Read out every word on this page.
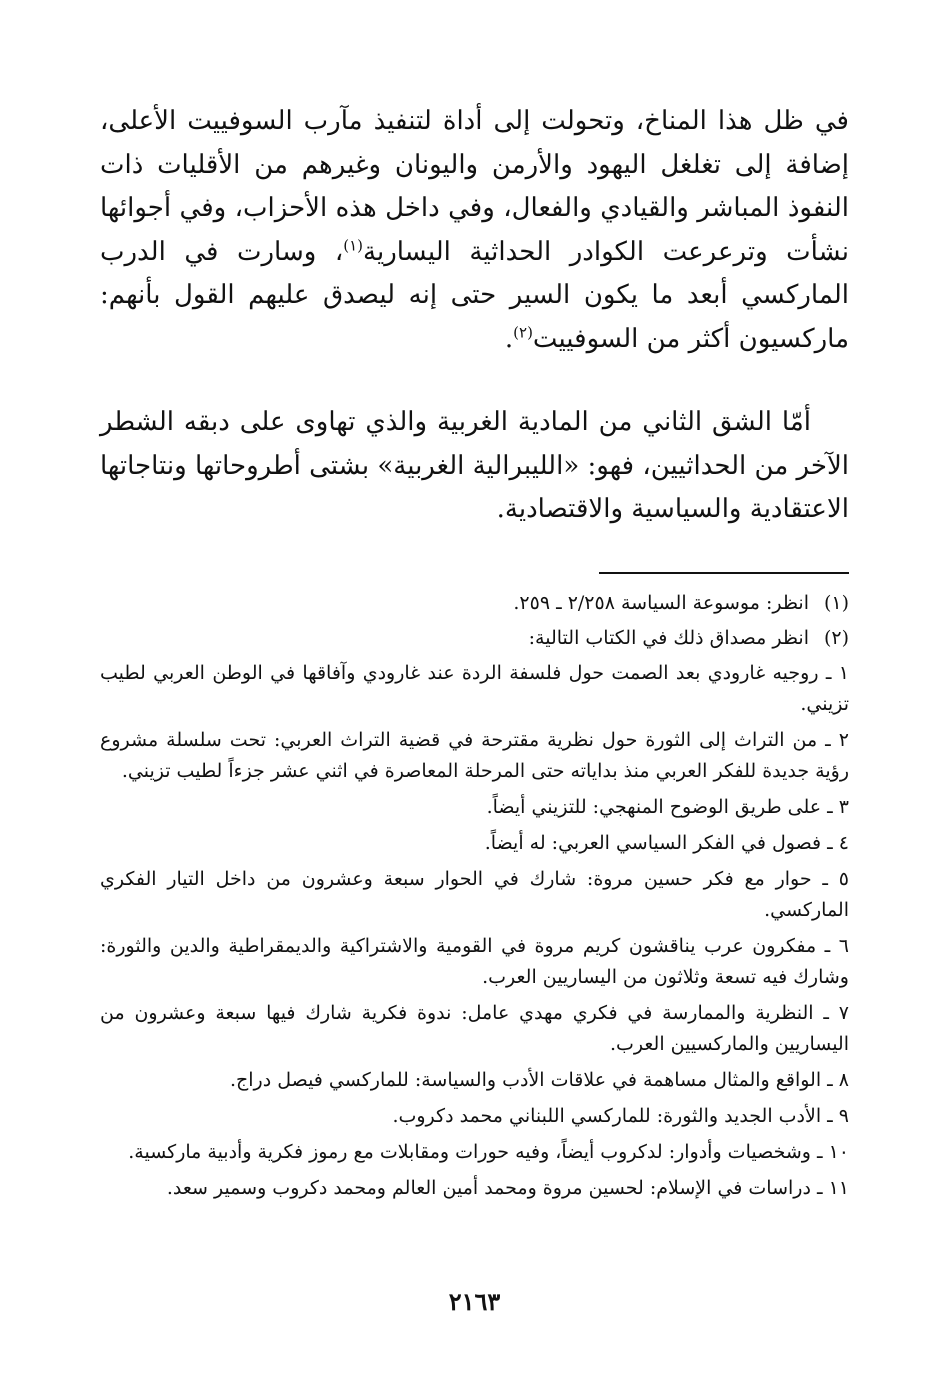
في ظل هذا المناخ، وتحولت إلى أداة لتنفيذ مآرب السوفييت الأعلى، إضافة إلى تغلغل اليهود والأرمن واليونان وغيرهم من الأقليات ذات النفوذ المباشر والقيادي والفعال، وفي داخل هذه الأحزاب، وفي أجوائها نشأت وترعرعت الكوادر الحداثية اليسارية$^{(١)}$، وسارت في الدرب الماركسي أبعد ما يكون السير حتى إنه ليصدق عليهم القول بأنهم: ماركسيون أكثر من السوفييت$^{(٢)}$.

أمّا الشق الثاني من المادية الغربية والذي تهاوى على دبقه الشطر الآخر من الحداثيين، فهو: «الليبرالية الغربية» بشتى أطروحاتها ونتاجاتها الاعتقادية والسياسية والاقتصادية.

(١)انظر: موسوعة السياسة ٢/٢٥٨ ـ ٢٥٩.

(٢)انظر مصداق ذلك في الكتاب التالية:

١ ـ روجيه غارودي بعد الصمت حول فلسفة الردة عند غارودي وآفاقها في الوطن العربي لطيب تزيني.

٢ ـ من التراث إلى الثورة حول نظرية مقترحة في قضية التراث العربي: تحت سلسلة مشروع رؤية جديدة للفكر العربي منذ بداياته حتى المرحلة المعاصرة في اثني عشر جزءاً لطيب تزيني.

٣ ـ على طريق الوضوح المنهجي: للتزيني أيضاً.

٤ ـ فصول في الفكر السياسي العربي: له أيضاً.

٥ ـ حوار مع فكر حسين مروة: شارك في الحوار سبعة وعشرون من داخل التيار الفكري الماركسي.

٦ ـ مفكرون عرب يناقشون كريم مروة في القومية والاشتراكية والديمقراطية والدين والثورة: وشارك فيه تسعة وثلاثون من اليساريين العرب.

٧ ـ النظرية والممارسة في فكري مهدي عامل: ندوة فكرية شارك فيها سبعة وعشرون من اليساريين والماركسيين العرب.

٨ ـ الواقع والمثال مساهمة في علاقات الأدب والسياسة: للماركسي فيصل دراج.

٩ ـ الأدب الجديد والثورة: للماركسي اللبناني محمد دكروب.

١٠ ـ وشخصيات وأدوار: لدكروب أيضاً، وفيه حورات ومقابلات مع رموز فكرية وأدبية ماركسية.

١١ ـ دراسات في الإسلام: لحسين مروة ومحمد أمين العالم ومحمد دكروب وسمير سعد.

٢١٦٣
